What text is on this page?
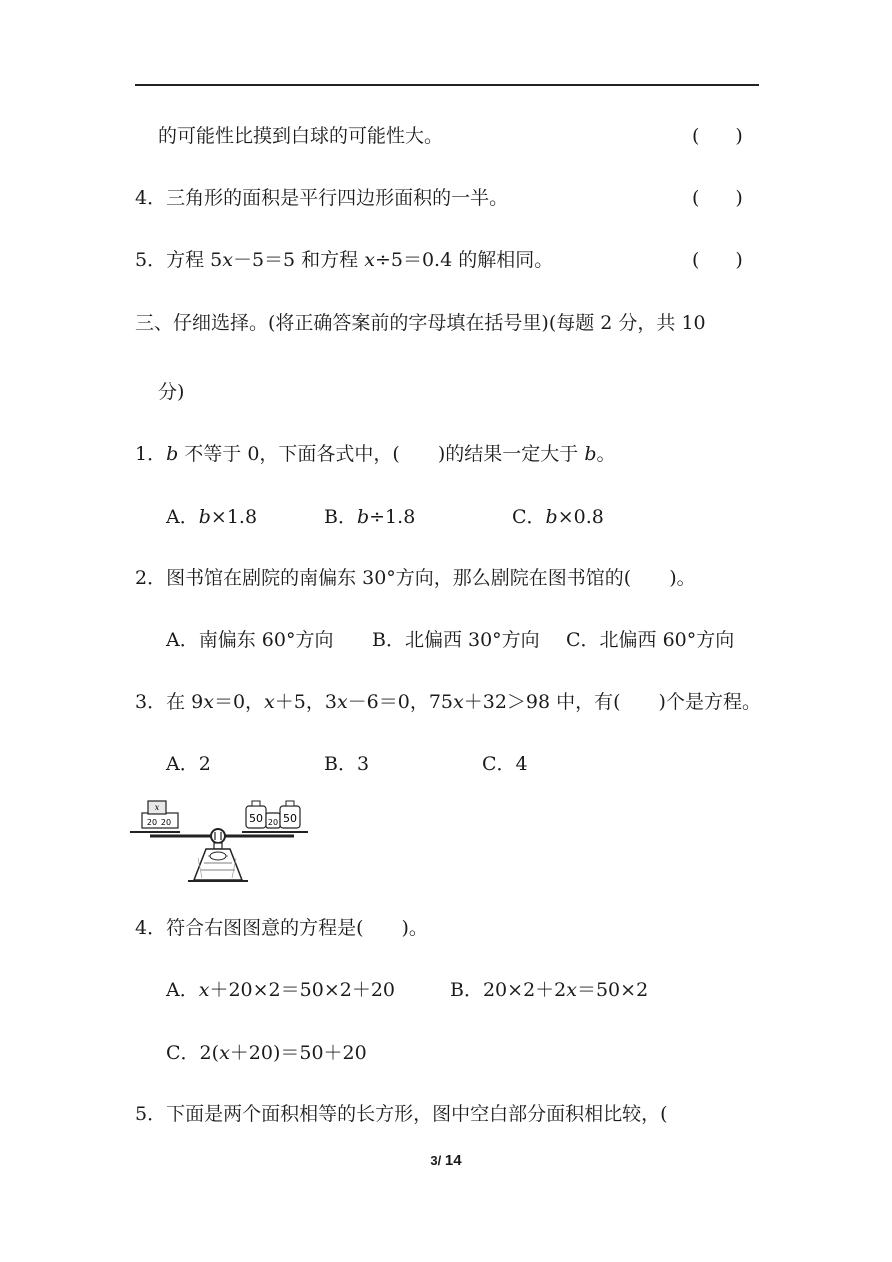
的可能性比摸到白球的可能性大。	( )
4．三角形的面积是平行四边形面积的一半。	( )
5．方程 5x－5＝5 和方程 x÷5＝0.4 的解相同。	( )
三、仔细选择。(将正确答案前的字母填在括号里)(每题 2 分，共 10
分)
1．b 不等于 0，下面各式中，(　　)的结果一定大于 b。
A．b×1.8	B．b÷1.8	C．b×0.8
2．图书馆在剧院的南偏东 30°方向，那么剧院在图书馆的(　　)。
A．南偏东 60°方向 B．北偏西 30°方向 C．北偏西 60°方向
3．在 9x＝0，x＋5，3x－6＝0，75x＋32＞98 中，有(　　)个是方程。
A．2	B．3	C．4
20 20
x
50 20 50
4．符合右图图意的方程是(　　)。
A．x＋20×2＝50×2＋20	B．20×2＋2x＝50×2
C．2(x＋20)＝50＋20
5．下面是两个面积相等的长方形，图中空白部分面积相比较，(
3/ 14
